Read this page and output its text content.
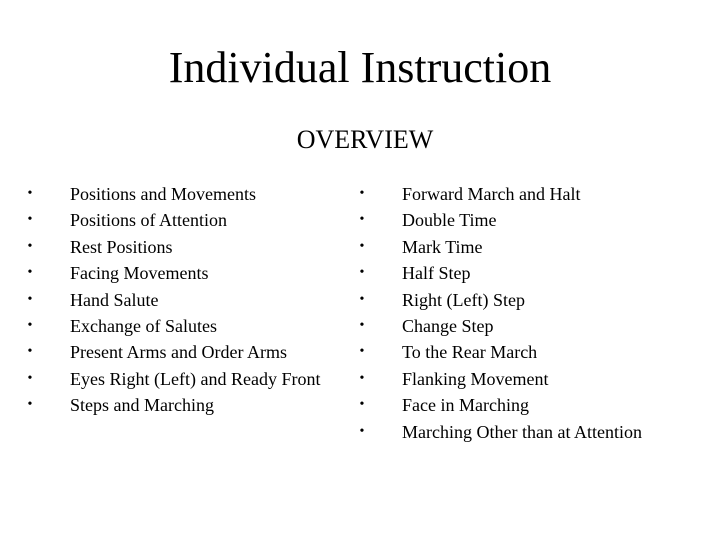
Individual Instruction
OVERVIEW
• Positions and Movements
• Positions of Attention
• Rest Positions
• Facing Movements
• Hand Salute
• Exchange of Salutes
• Present Arms and Order Arms
• Eyes Right (Left) and Ready Front
• Steps and Marching
• Forward March and Halt
• Double Time
• Mark Time
• Half Step
• Right (Left) Step
• Change Step
• To the Rear March
• Flanking Movement
• Face in Marching
• Marching Other than at Attention
